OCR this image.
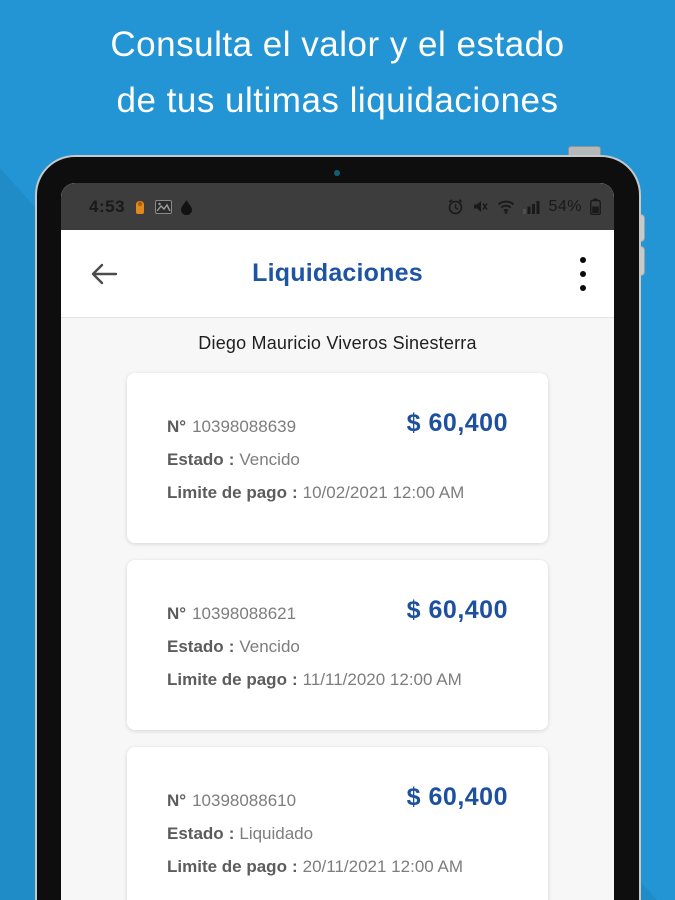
Consulta el valor y el estado
de tus ultimas liquidaciones
4:53	54%
Liquidaciones
Diego Mauricio Viveros Sinesterra
N° 10398088639	$ 60,400
Estado : Vencido
Limite de pago : 10/02/2021 12:00 AM
N° 10398088621	$ 60,400
Estado : Vencido
Limite de pago : 11/11/2020 12:00 AM
N° 10398088610	$ 60,400
Estado : Liquidado
Limite de pago : 20/11/2021 12:00 AM
